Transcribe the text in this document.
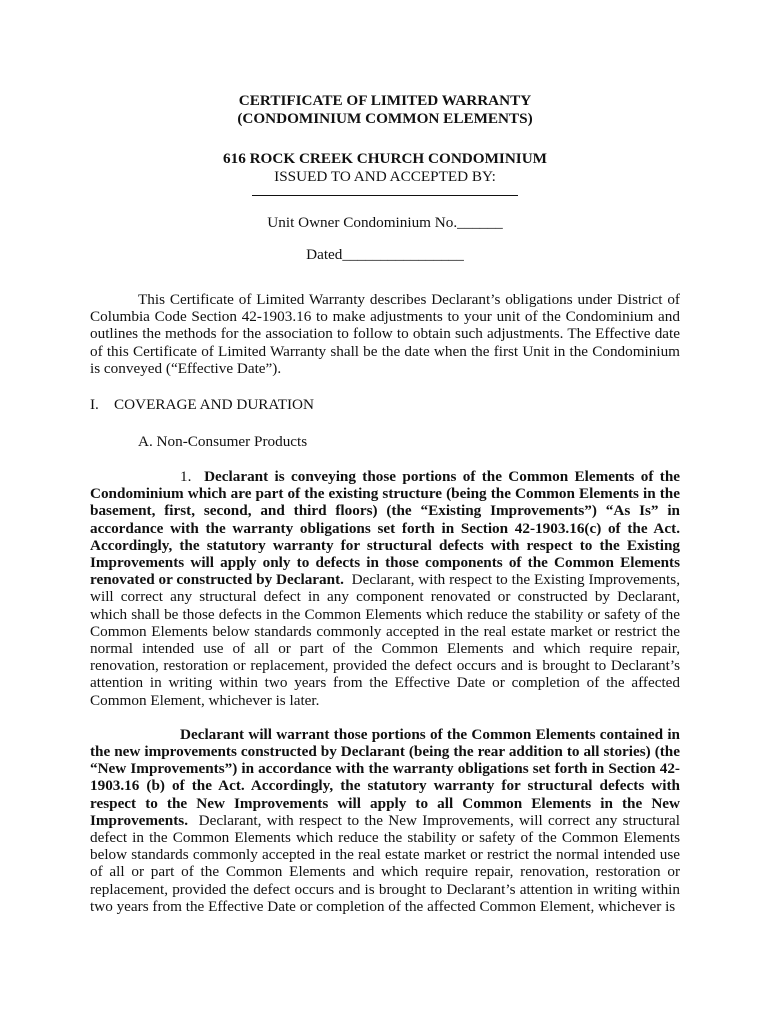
CERTIFICATE OF LIMITED WARRANTY
(CONDOMINIUM COMMON ELEMENTS)
616 ROCK CREEK CHURCH CONDOMINIUM
ISSUED TO AND ACCEPTED BY:
Unit Owner Condominium No.______
Dated________________

This Certificate of Limited Warranty describes Declarant’s obligations under District of Columbia Code Section 42-1903.16 to make adjustments to your unit of the Condominium and outlines the methods for the association to follow to obtain such adjustments. The Effective date of this Certificate of Limited Warranty shall be the date when the first Unit in the Condominium is conveyed (“Effective Date”).

I. COVERAGE AND DURATION
A. Non-Consumer Products

1. Declarant is conveying those portions of the Common Elements of the Condominium which are part of the existing structure (being the Common Elements in the basement, first, second, and third floors) (the “Existing Improvements”) “As Is” in accordance with the warranty obligations set forth in Section 42-1903.16(c) of the Act. Accordingly, the statutory warranty for structural defects with respect to the Existing Improvements will apply only to defects in those components of the Common Elements renovated or constructed by Declarant. Declarant, with respect to the Existing Improvements, will correct any structural defect in any component renovated or constructed by Declarant, which shall be those defects in the Common Elements which reduce the stability or safety of the Common Elements below standards commonly accepted in the real estate market or restrict the normal intended use of all or part of the Common Elements and which require repair, renovation, restoration or replacement, provided the defect occurs and is brought to Declarant’s attention in writing within two years from the Effective Date or completion of the affected Common Element, whichever is later.

Declarant will warrant those portions of the Common Elements contained in the new improvements constructed by Declarant (being the rear addition to all stories) (the “New Improvements”) in accordance with the warranty obligations set forth in Section 42-1903.16 (b) of the Act. Accordingly, the statutory warranty for structural defects with respect to the New Improvements will apply to all Common Elements in the New Improvements. Declarant, with respect to the New Improvements, will correct any structural defect in the Common Elements which reduce the stability or safety of the Common Elements below standards commonly accepted in the real estate market or restrict the normal intended use of all or part of the Common Elements and which require repair, renovation, restoration or replacement, provided the defect occurs and is brought to Declarant’s attention in writing within two years from the Effective Date or completion of the affected Common Element, whichever is
